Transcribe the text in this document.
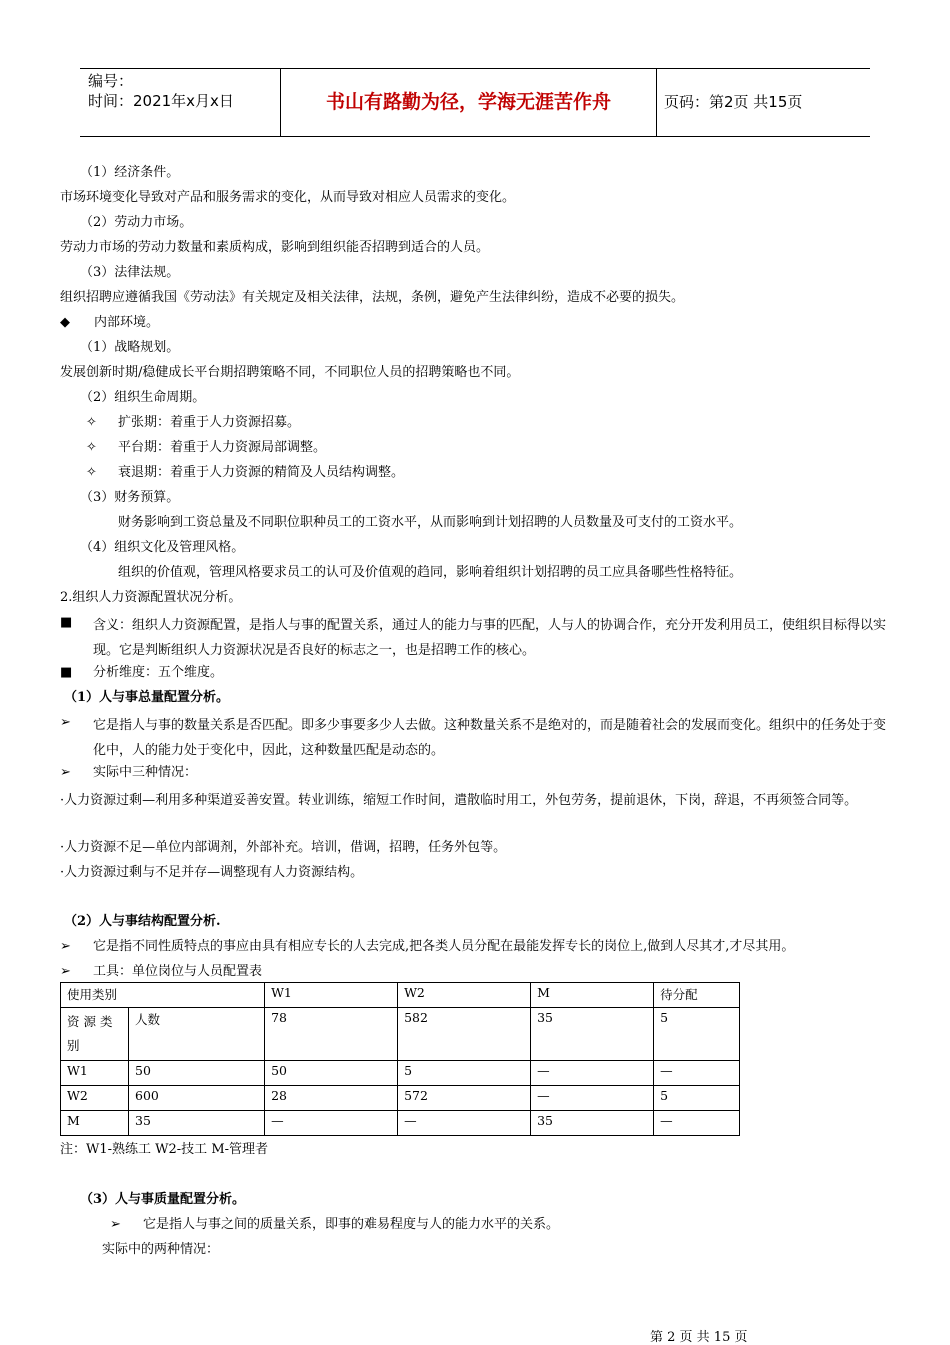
编号：
时间：2021年x月x日	书山有路勤为径，学海无涯苦作舟	页码：第2页 共15页
（1）经济条件。
市场环境变化导致对产品和服务需求的变化，从而导致对相应人员需求的变化。
（2）劳动力市场。
劳动力市场的劳动力数量和素质构成，影响到组织能否招聘到适合的人员。
（3）法律法规。
组织招聘应遵循我国《劳动法》有关规定及相关法律，法规，条例，避免产生法律纠纷，造成不必要的损失。
◆ 内部环境。
（1）战略规划。
发展创新时期/稳健成长平台期招聘策略不同，不同职位人员的招聘策略也不同。
（2）组织生命周期。
✧ 扩张期：着重于人力资源招募。
✧ 平台期：着重于人力资源局部调整。
✧ 衰退期：着重于人力资源的精简及人员结构调整。
（3）财务预算。
财务影响到工资总量及不同职位职种员工的工资水平，从而影响到计划招聘的人员数量及可支付的工资水平。
（4）组织文化及管理风格。
组织的价值观，管理风格要求员工的认可及价值观的趋同，影响着组织计划招聘的员工应具备哪些性格特征。
2.组织人力资源配置状况分析。
■ 含义：组织人力资源配置，是指人与事的配置关系，通过人的能力与事的匹配，人与人的协调合作，充分开发利用员工，使组织目标得以实现。它是判断组织人力资源状况是否良好的标志之一，也是招聘工作的核心。
■ 分析维度：五个维度。
（1）人与事总量配置分析。
➢ 它是指人与事的数量关系是否匹配。即多少事要多少人去做。这种数量关系不是绝对的，而是随着社会的发展而变化。组织中的任务处于变化中，人的能力处于变化中，因此，这种数量匹配是动态的。
➢ 实际中三种情况：
·人力资源过剩—利用多种渠道妥善安置。转业训练，缩短工作时间，遣散临时用工，外包劳务，提前退休，下岗，辞退，不再须签合同等。
·人力资源不足—单位内部调剂，外部补充。培训，借调，招聘，任务外包等。
·人力资源过剩与不足并存—调整现有人力资源结构。
（2）人与事结构配置分析.
➢ 它是指不同性质特点的事应由具有相应专长的人去完成,把各类人员分配在最能发挥专长的岗位上,做到人尽其才,才尽其用。
➢ 工具：单位岗位与人员配置表
使用类别		W1	W2	M	待分配
资 源 类 别	人数	78	582	35	5
W1	50	50	5	—	—
W2	600	28	572	—	5
M	35	—	—	35	—
注：W1-熟练工 W2-技工 M-管理者
（3）人与事质量配置分析。
➢ 它是指人与事之间的质量关系，即事的难易程度与人的能力水平的关系。
实际中的两种情况：
第 2 页 共 15 页
